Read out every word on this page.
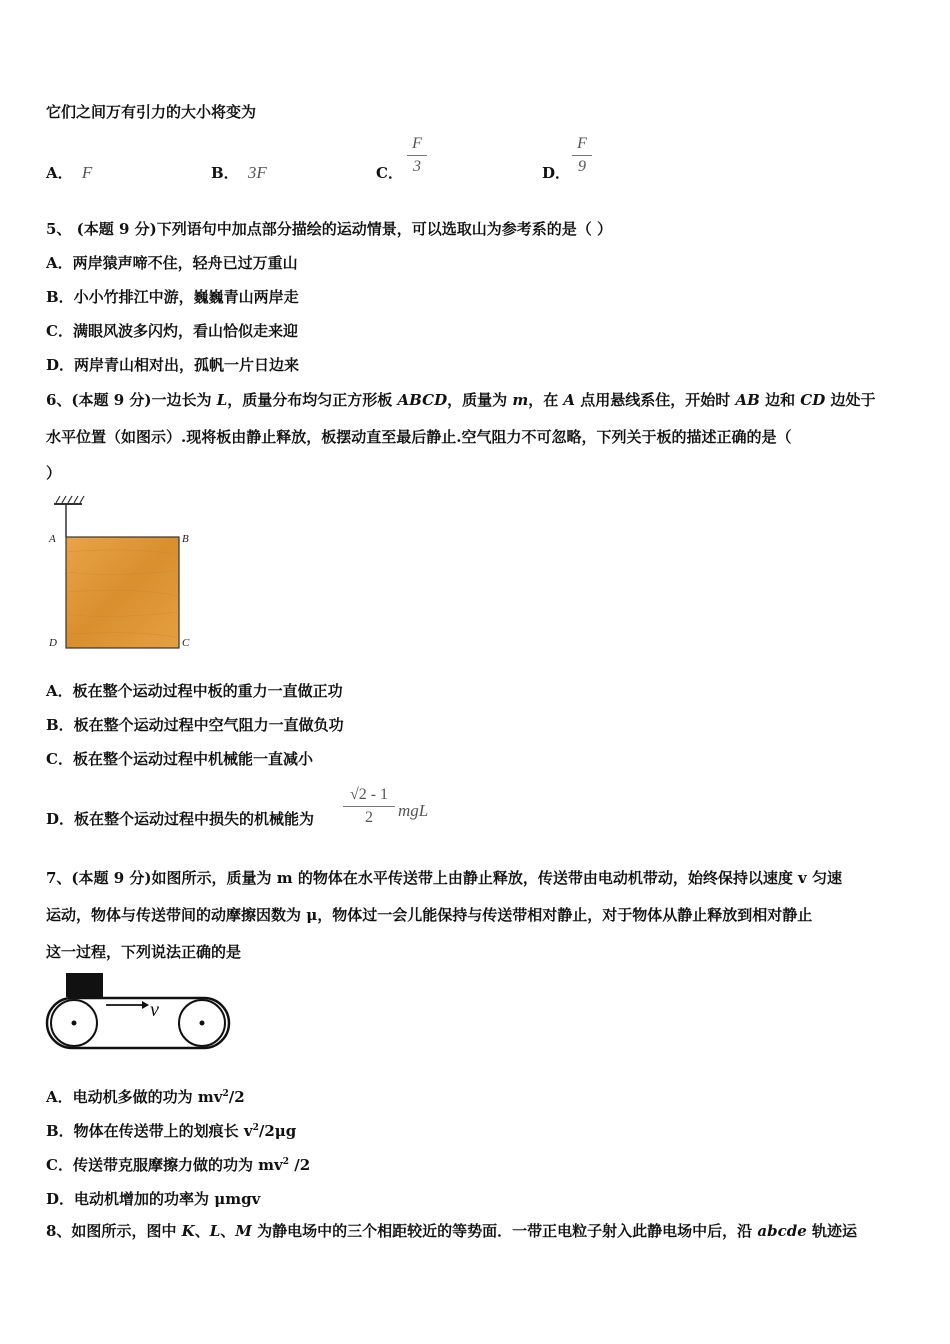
它们之间万有引力的大小将变为
A． F	B． 3F	C．
F
3	D．
F
9
5、 (本题 9 分)下列语句中加点部分描绘的运动情景，可以选取山为参考系的是（ ）
A．两岸猿声啼不住，轻舟已过万重山
B．小小竹排江中游，巍巍青山两岸走
C．满眼风波多闪灼，看山恰似走来迎
D．两岸青山相对出，孤帆一片日边来
6、(本题 9 分)一边长为 L，质量分布均匀正方形板 ABCD，质量为 m，在 A 点用悬线系住，开始时 AB 边和 CD 边处于
水平位置（如图示）.现将板由静止释放，板摆动直至最后静止.空气阻力不可忽略，下列关于板的描述正确的是（
）
A	B
D	C
A．板在整个运动过程中板的重力一直做正功
B．板在整个运动过程中空气阻力一直做负功
C．板在整个运动过程中机械能一直减小
D．板在整个运动过程中损失的机械能为
√2 - 1
2	mgL
7、(本题 9 分)如图所示，质量为 m 的物体在水平传送带上由静止释放，传送带由电动机带动，始终保持以速度 v 匀速
运动，物体与传送带间的动摩擦因数为 μ，物体过一会儿能保持与传送带相对静止，对于物体从静止释放到相对静止
这一过程，下列说法正确的是
v
A．电动机多做的功为 $mv^2/2$
B．物体在传送带上的划痕长 $v^2/2\mu g$
C．传送带克服摩擦力做的功为 $mv^2$ /2
D．电动机增加的功率为 μmgv
8、如图所示，图中 K、L、M 为静电场中的三个相距较近的等势面．一带正电粒子射入此静电场中后，沿 abcde 轨迹运
